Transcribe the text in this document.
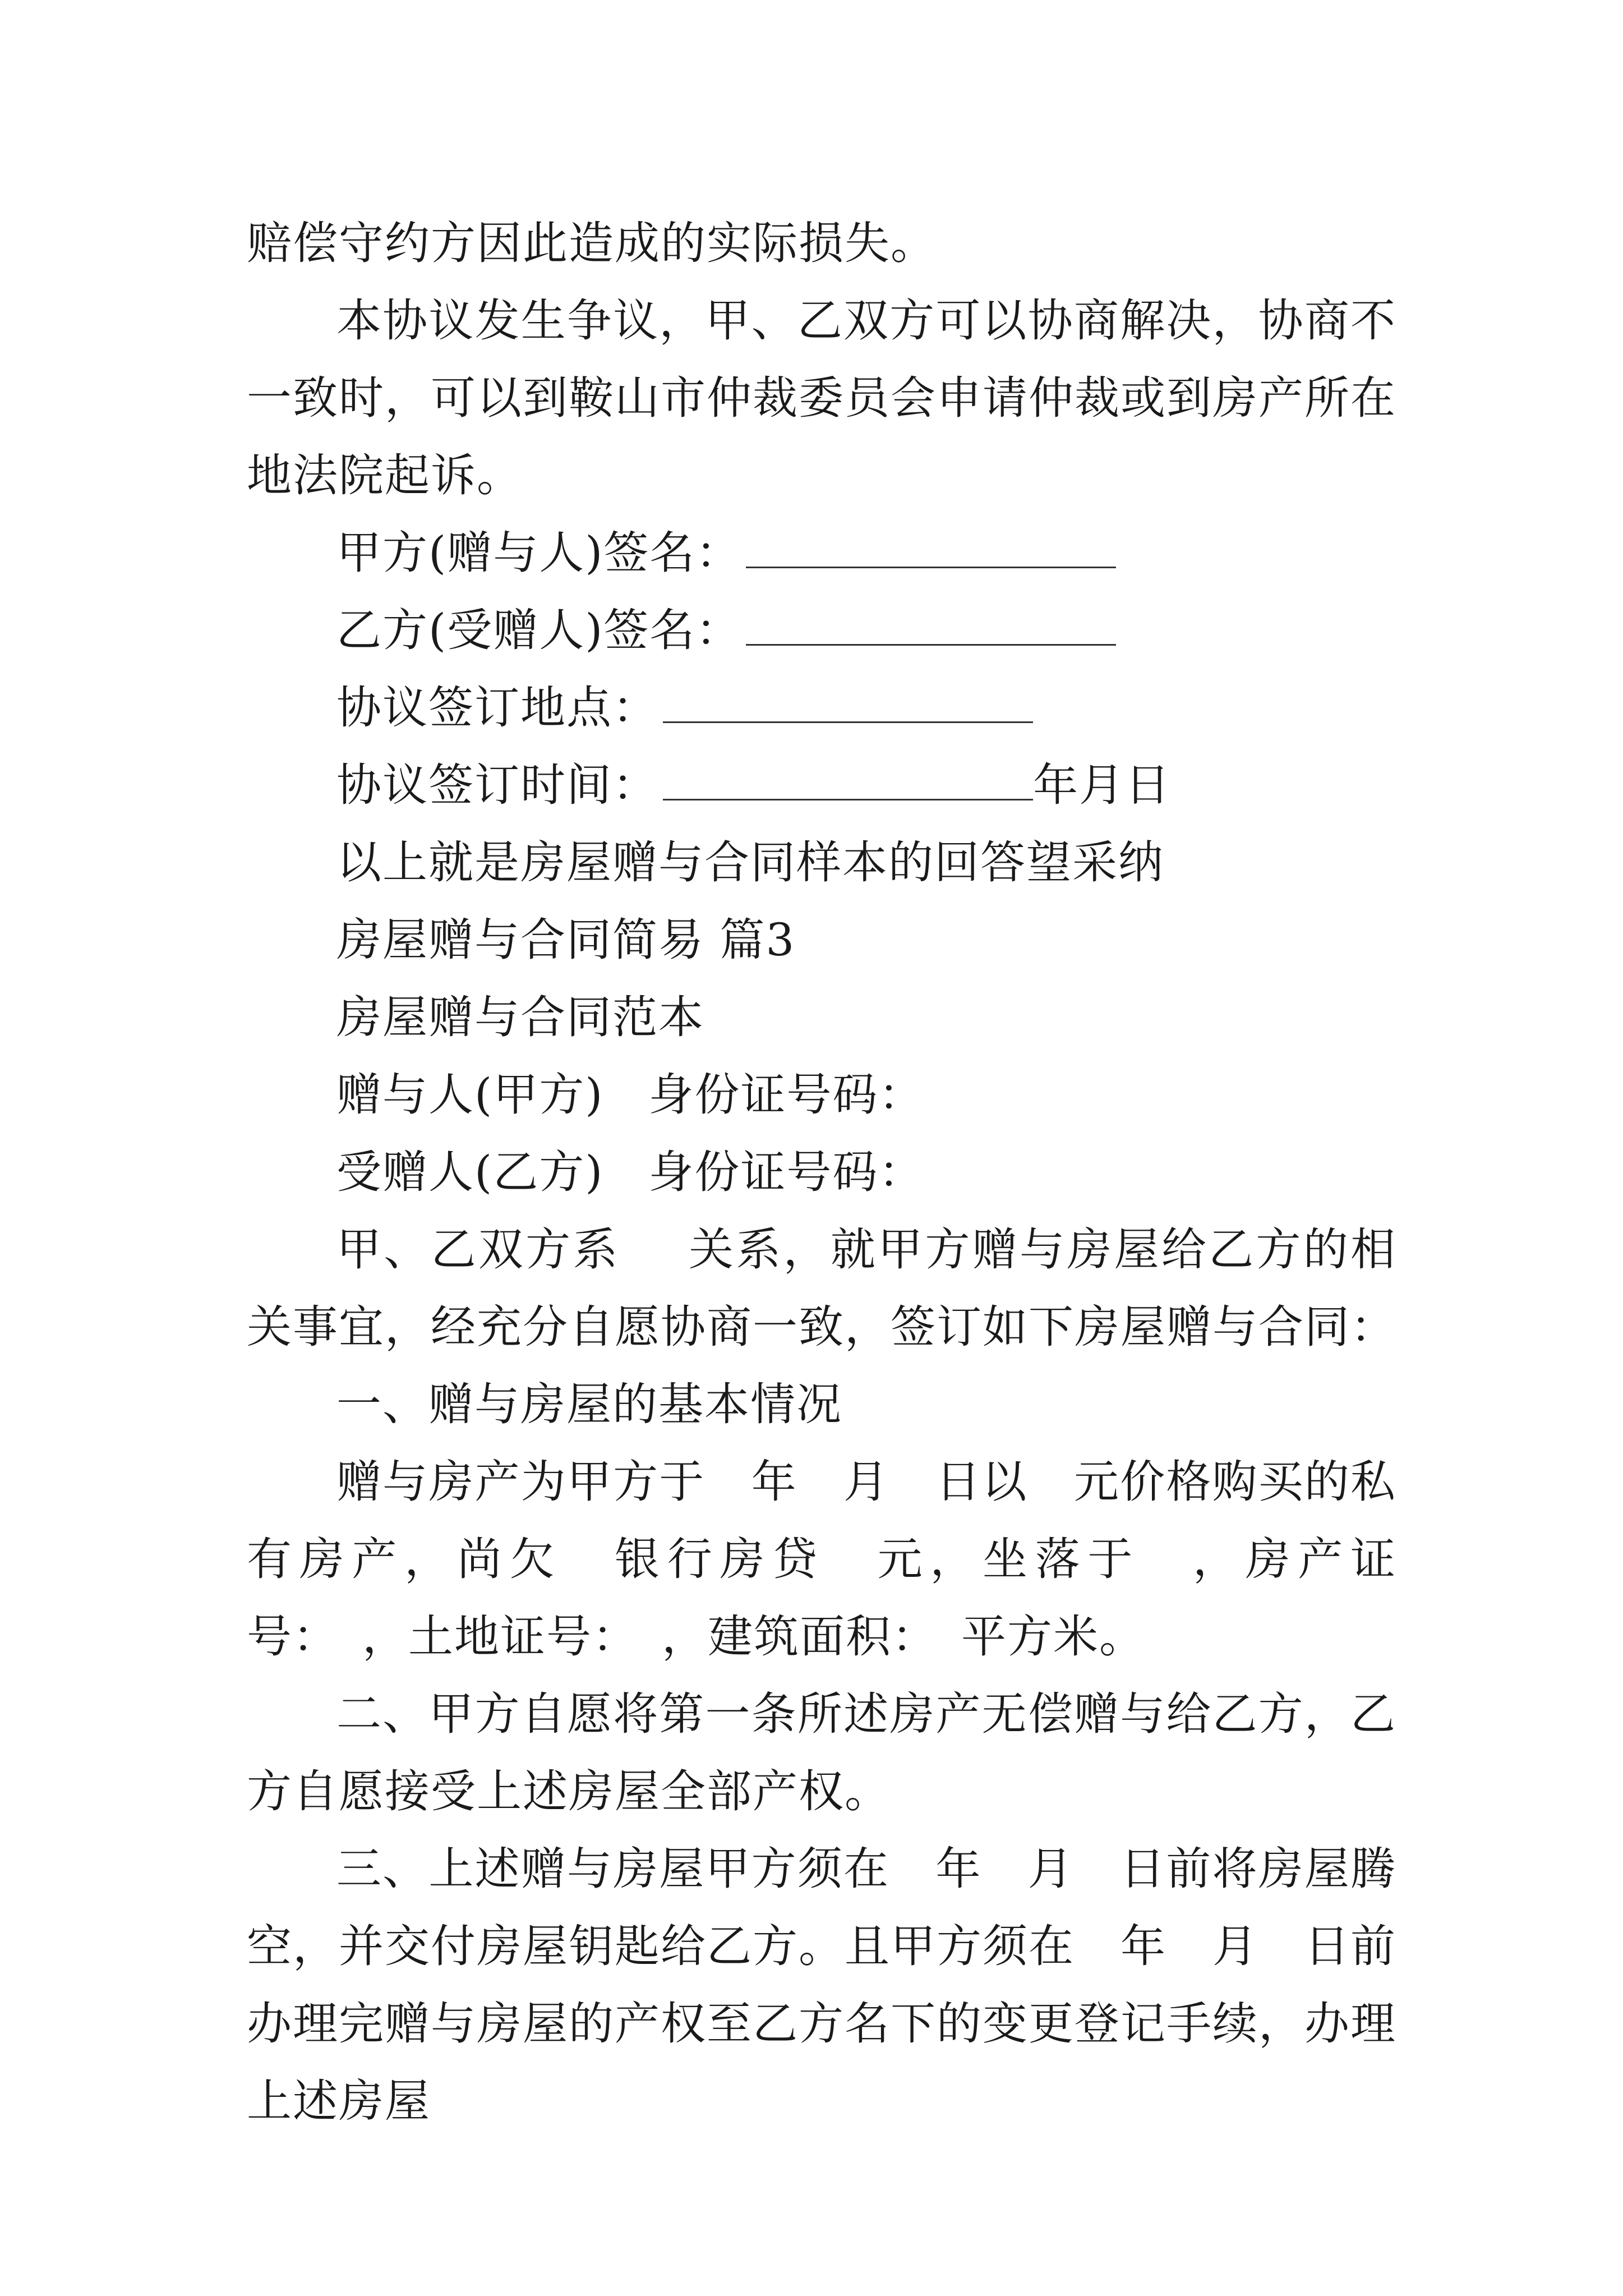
赔偿守约方因此造成的实际损失。

本协议发生争议，甲、乙双方可以协商解决，协商不一致时，可以到鞍山市仲裁委员会申请仲裁或到房产所在地法院起诉。

甲方(赠与人)签名：

乙方(受赠人)签名：

协议签订地点：

协议签订时间：	年月日

以上就是房屋赠与合同样本的回答望采纳

房屋赠与合同简易 篇3

房屋赠与合同范本

赠与人(甲方) 身份证号码：

受赠人(乙方) 身份证号码：

甲、乙双方系 关系，就甲方赠与房屋给乙方的相关事宜，经充分自愿协商一致，签订如下房屋赠与合同：

一、赠与房屋的基本情况

赠与房产为甲方于　年　月　日以　元价格购买的私有房产，尚欠　银行房贷　元，坐落于　，房产证号：　，土地证号：　，建筑面积：　平方米。

二、甲方自愿将第一条所述房产无偿赠与给乙方，乙方自愿接受上述房屋全部产权。

三、上述赠与房屋甲方须在　年　月　日前将房屋腾空，并交付房屋钥匙给乙方。且甲方须在　年　月　日前办理完赠与房屋的产权至乙方名下的变更登记手续，办理上述房屋
